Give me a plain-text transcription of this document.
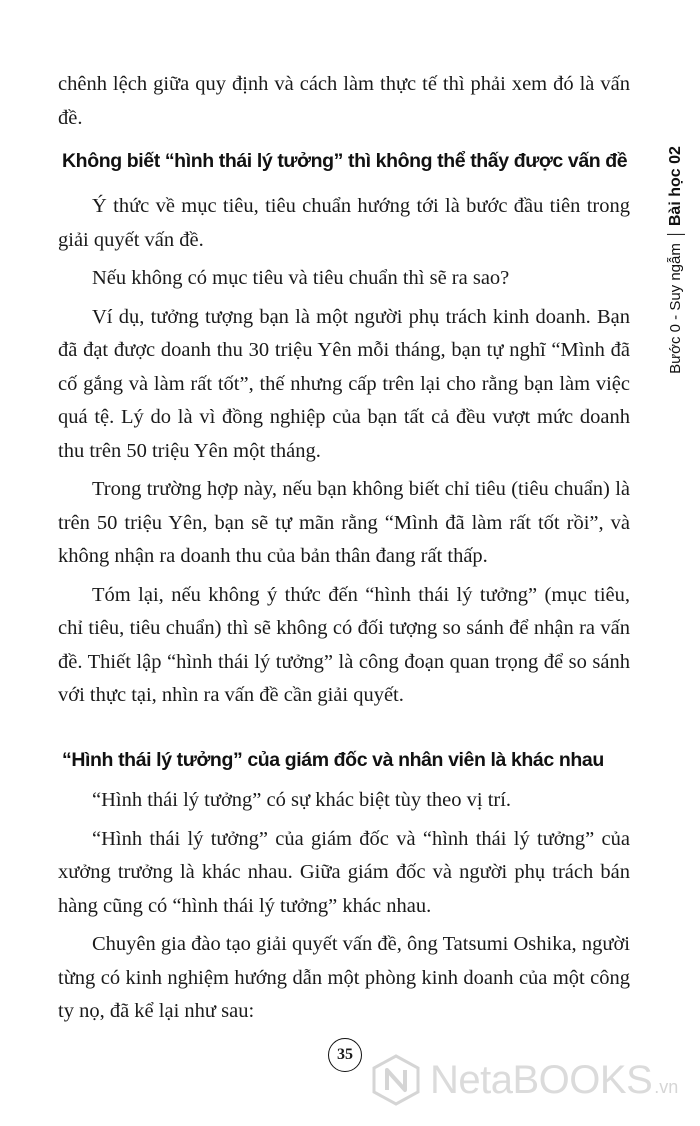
Bước 0 - Suy ngẫmBài học 02

chênh lệch giữa quy định và cách làm thực tế thì phải xem đó là vấn đề.

Không biết “hình thái lý tưởng” thì không thể thấy được vấn đề

Ý thức về mục tiêu, tiêu chuẩn hướng tới là bước đầu tiên trong giải quyết vấn đề.

Nếu không có mục tiêu và tiêu chuẩn thì sẽ ra sao?

Ví dụ, tưởng tượng bạn là một người phụ trách kinh doanh. Bạn đã đạt được doanh thu 30 triệu Yên mỗi tháng, bạn tự nghĩ “Mình đã cố gắng và làm rất tốt”, thế nhưng cấp trên lại cho rằng bạn làm việc quá tệ. Lý do là vì đồng nghiệp của bạn tất cả đều vượt mức doanh thu trên 50 triệu Yên một tháng.

Trong trường hợp này, nếu bạn không biết chỉ tiêu (tiêu chuẩn) là trên 50 triệu Yên, bạn sẽ tự mãn rằng “Mình đã làm rất tốt rồi”, và không nhận ra doanh thu của bản thân đang rất thấp.

Tóm lại, nếu không ý thức đến “hình thái lý tưởng” (mục tiêu, chỉ tiêu, tiêu chuẩn) thì sẽ không có đối tượng so sánh để nhận ra vấn đề. Thiết lập “hình thái lý tưởng” là công đoạn quan trọng để so sánh với thực tại, nhìn ra vấn đề cần giải quyết.

“Hình thái lý tưởng” của giám đốc và nhân viên là khác nhau

“Hình thái lý tưởng” có sự khác biệt tùy theo vị trí.

“Hình thái lý tưởng” của giám đốc và “hình thái lý tưởng” của xưởng trưởng là khác nhau. Giữa giám đốc và người phụ trách bán hàng cũng có “hình thái lý tưởng” khác nhau.

Chuyên gia đào tạo giải quyết vấn đề, ông Tatsumi Oshika, người từng có kinh nghiệm hướng dẫn một phòng kinh doanh của một công ty nọ, đã kể lại như sau:

35
NetaBOOKS .vn
